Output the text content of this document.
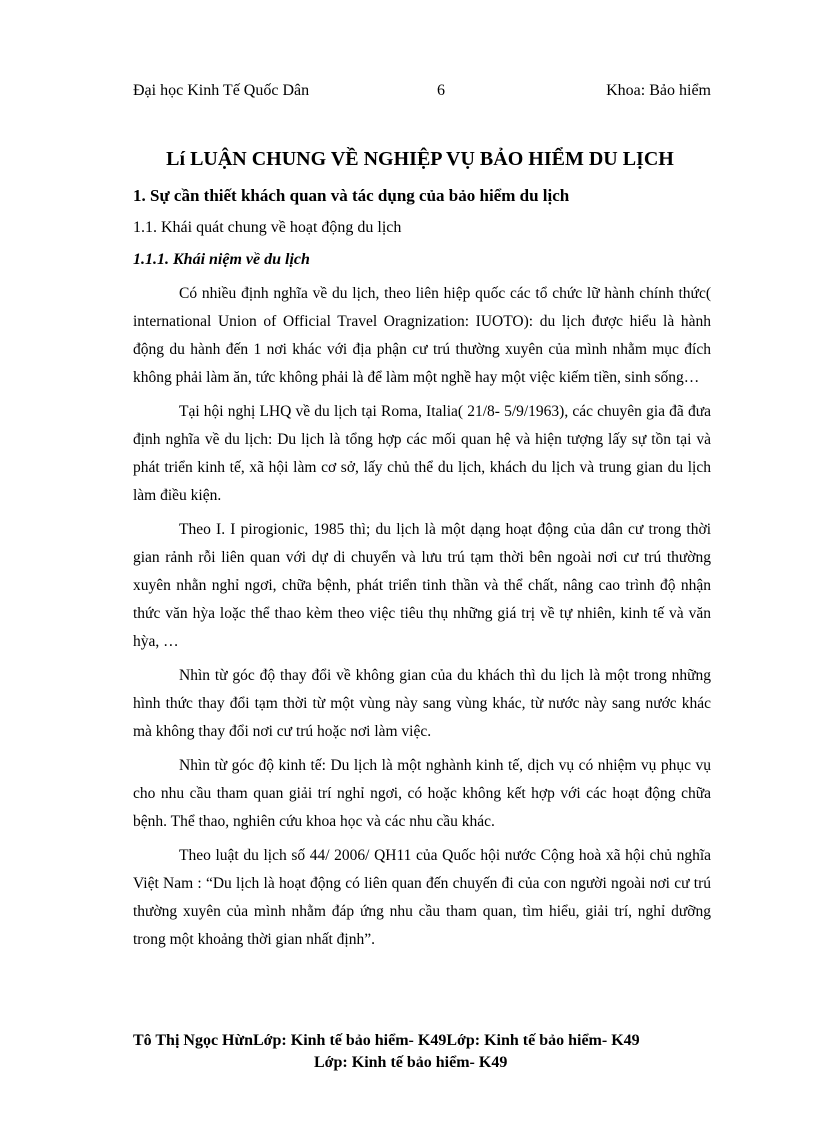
Đại học Kinh Tế Quốc Dân	6	Khoa: Bảo hiểm
Lí LUẬN CHUNG VỀ NGHIỆP VỤ BẢO HIỂM DU LỊCH
1. Sự cần thiết khách quan và tác dụng của bảo hiểm du lịch
1.1. Khái quát chung về hoạt động du lịch
1.1.1. Khái niệm về du lịch

Có nhiều định nghĩa về du lịch, theo liên hiệp quốc các tổ chức lữ hành chính thức( international Union of Official Travel Oragnization: IUOTO): du lịch được hiểu là hành động du hành đến 1 nơi khác với địa phận cư trú thường xuyên của mình nhằm mục đích không phải làm ăn, tức không phải là để làm một nghề hay một việc kiếm tiền, sinh sống…

Tại hội nghị LHQ về du lịch tại Roma, Italia( 21/8- 5/9/1963), các chuyên gia đã đưa định nghĩa về du lịch: Du lịch là tổng hợp các mối quan hệ và hiện tượng lấy sự tồn tại và phát triển kinh tế, xã hội làm cơ sở, lấy chủ thể du lịch, khách du lịch và trung gian du lịch làm điều kiện.

Theo I. I pirogionic, 1985 thì; du lịch là một dạng hoạt động của dân cư trong thời gian rảnh rỗi liên quan với dự di chuyển và lưu trú tạm thời bên ngoài nơi cư trú thường xuyên nhằn nghỉ ngơi, chữa bệnh, phát triển tinh thần và thể chất, nâng cao trình độ nhận thức văn hỳa loặc thể thao kèm theo việc tiêu thụ những giá trị về tự nhiên, kinh tế và văn hỳa, …

Nhìn từ góc độ thay đổi về không gian của du khách thì du lịch là một trong những hình thức thay đổi tạm thời từ một vùng này sang vùng khác, từ nước này sang nước khác mà không thay đổi nơi cư trú hoặc nơi làm việc.

Nhìn từ góc độ kinh tế: Du lịch là một nghành kinh tế, dịch vụ có nhiệm vụ phục vụ cho nhu cầu tham quan giải trí nghỉ ngơi, có hoặc không kết hợp với các hoạt động chữa bệnh. Thể thao, nghiên cứu khoa học và các nhu cầu khác.

Theo luật du lịch số 44/ 2006/ QH11 của Quốc hội nước Cộng hoà xã hội chủ nghĩa Việt Nam : “Du lịch là hoạt động có liên quan đến chuyến đi của con người ngoài nơi cư trú thường xuyên của mình nhằm đáp ứng nhu cầu tham quan, tìm hiểu, giải trí, nghỉ dưỡng trong một khoảng thời gian nhất định”.

Tô Thị Ngọc HừnLớp: Kinh tế bảo hiểm- K49Lớp: Kinh tế bảo hiểm- K49
Lớp: Kinh tế bảo hiểm- K49
